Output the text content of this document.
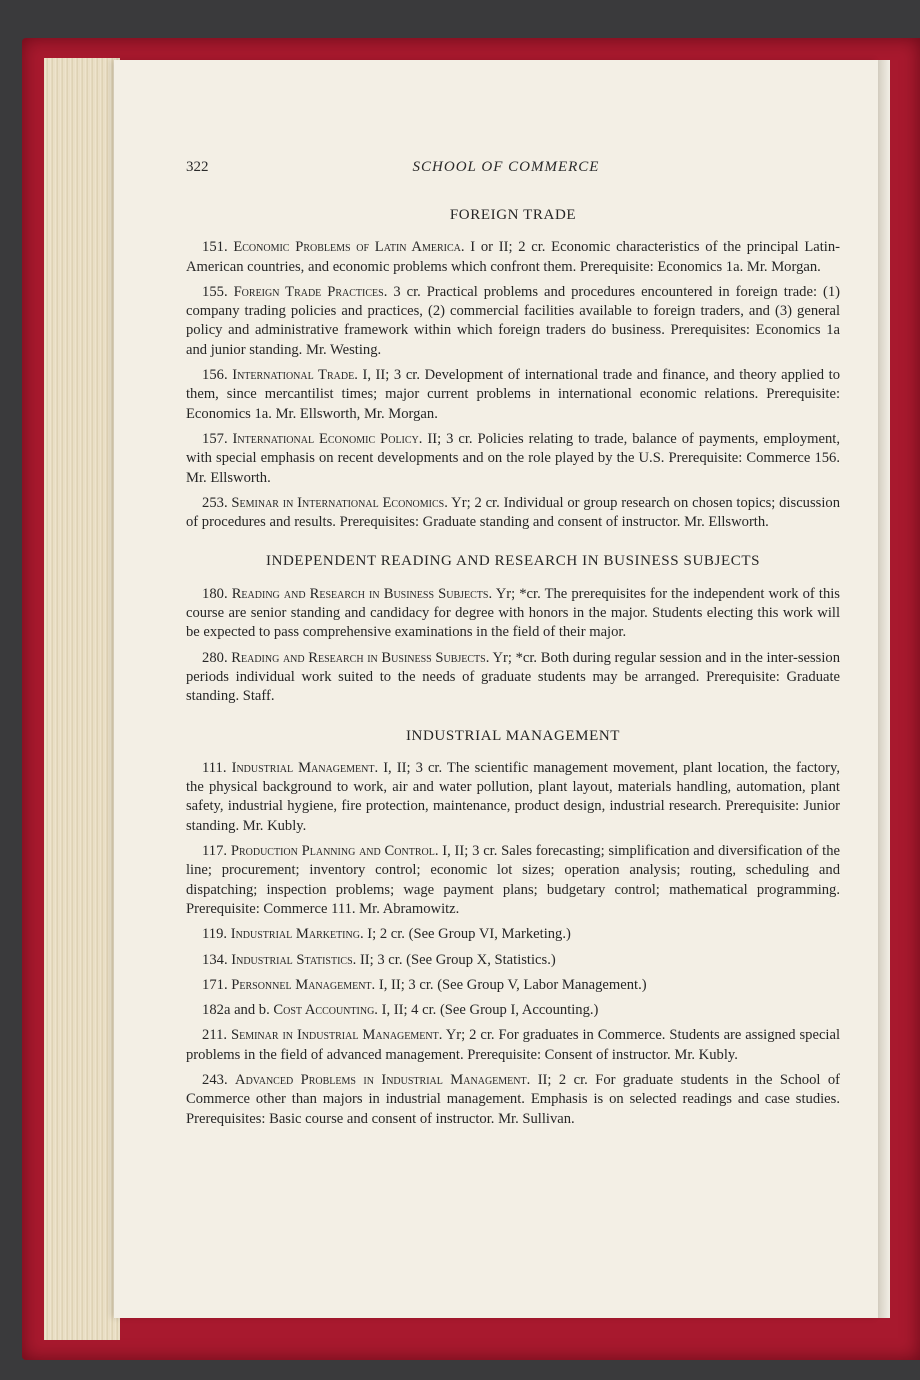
322	SCHOOL OF COMMERCE
FOREIGN TRADE

151. Economic Problems of Latin America. I or II; 2 cr. Economic characteristics of the principal Latin-American countries, and economic problems which confront them. Prerequisite: Economics 1a. Mr. Morgan.

155. Foreign Trade Practices. 3 cr. Practical problems and procedures encountered in foreign trade: (1) company trading policies and practices, (2) commercial facilities available to foreign traders, and (3) general policy and administrative framework within which foreign traders do business. Prerequisites: Economics 1a and junior standing. Mr. Westing.

156. International Trade. I, II; 3 cr. Development of international trade and finance, and theory applied to them, since mercantilist times; major current problems in international economic relations. Prerequisite: Economics 1a. Mr. Ellsworth, Mr. Morgan.

157. International Economic Policy. II; 3 cr. Policies relating to trade, balance of payments, employment, with special emphasis on recent developments and on the role played by the U.S. Prerequisite: Commerce 156. Mr. Ellsworth.

253. Seminar in International Economics. Yr; 2 cr. Individual or group research on chosen topics; discussion of procedures and results. Prerequisites: Graduate standing and consent of instructor. Mr. Ellsworth.

INDEPENDENT READING AND RESEARCH IN BUSINESS SUBJECTS

180. Reading and Research in Business Subjects. Yr; *cr. The prerequisites for the independent work of this course are senior standing and candidacy for degree with honors in the major. Students electing this work will be expected to pass comprehensive examinations in the field of their major.

280. Reading and Research in Business Subjects. Yr; *cr. Both during regular session and in the inter-session periods individual work suited to the needs of graduate students may be arranged. Prerequisite: Graduate standing. Staff.

INDUSTRIAL MANAGEMENT

111. Industrial Management. I, II; 3 cr. The scientific management movement, plant location, the factory, the physical background to work, air and water pollution, plant layout, materials handling, automation, plant safety, industrial hygiene, fire protection, maintenance, product design, industrial research. Prerequisite: Junior standing. Mr. Kubly.

117. Production Planning and Control. I, II; 3 cr. Sales forecasting; simplification and diversification of the line; procurement; inventory control; economic lot sizes; operation analysis; routing, scheduling and dispatching; inspection problems; wage payment plans; budgetary control; mathematical programming. Prerequisite: Commerce 111. Mr. Abramowitz.

119. Industrial Marketing. I; 2 cr. (See Group VI, Marketing.)

134. Industrial Statistics. II; 3 cr. (See Group X, Statistics.)

171. Personnel Management. I, II; 3 cr. (See Group V, Labor Management.)

182a and b. Cost Accounting. I, II; 4 cr. (See Group I, Accounting.)

211. Seminar in Industrial Management. Yr; 2 cr. For graduates in Commerce. Students are assigned special problems in the field of advanced management. Prerequisite: Consent of instructor. Mr. Kubly.

243. Advanced Problems in Industrial Management. II; 2 cr. For graduate students in the School of Commerce other than majors in industrial management. Emphasis is on selected readings and case studies. Prerequisites: Basic course and consent of instructor. Mr. Sullivan.
